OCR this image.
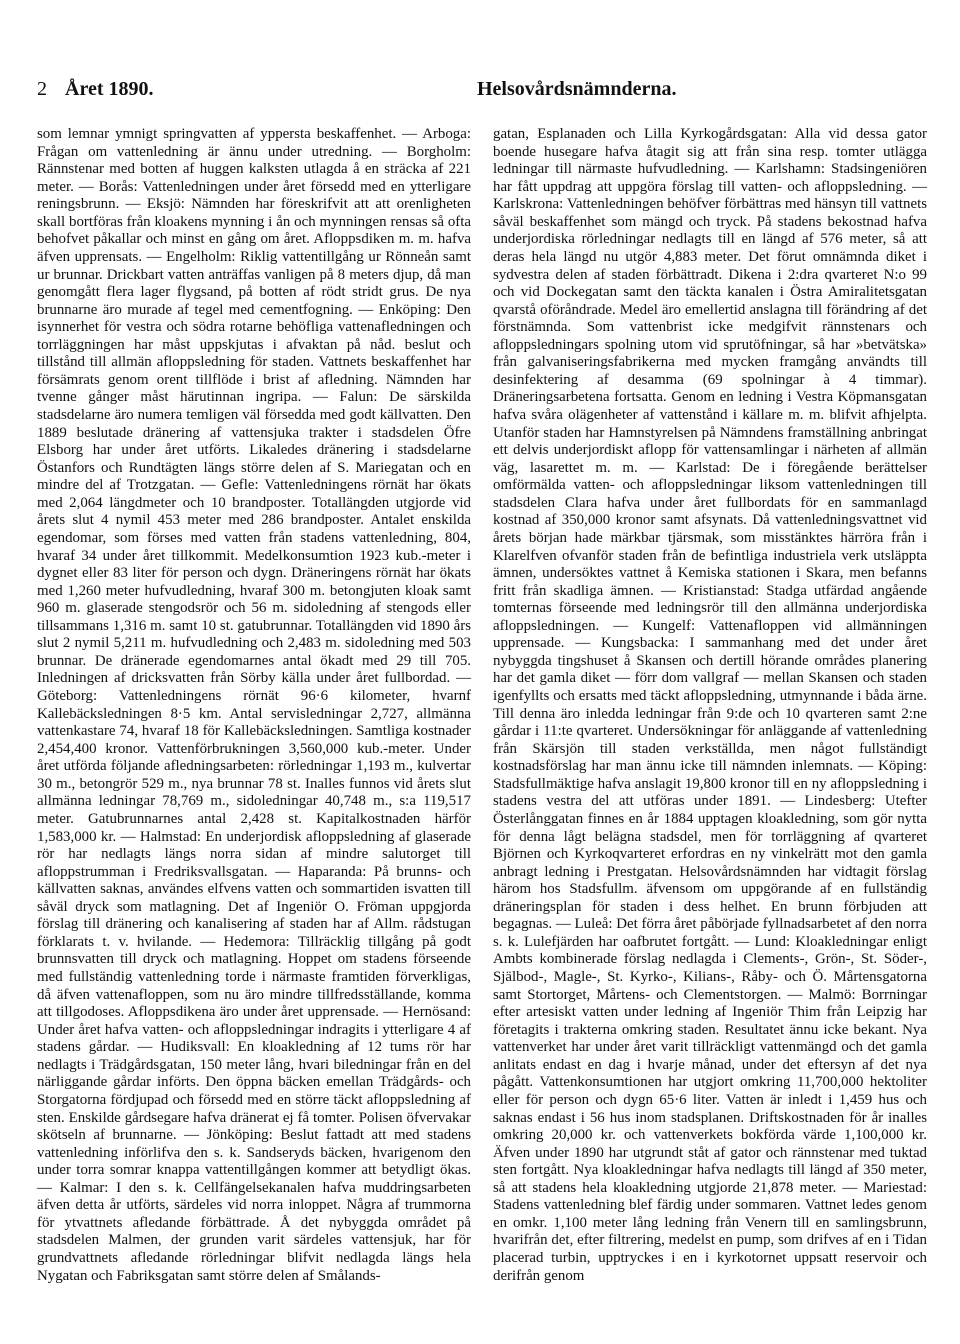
2 Året 1890.	Helsovårdsnämnderna.

som lemnar ymnigt springvatten af yppersta beskaffenhet. — Arboga: Frågan om vattenledning är ännu under utredning. — Borgholm: Rännstenar med botten af huggen kalksten utlagda å en sträcka af 221 meter. — Borås: Vattenledningen under året försedd med en ytterligare reningsbrunn. — Eksjö: Nämnden har föreskrifvit att att orenligheten skall bortföras från kloakens mynning i ån och mynningen rensas så ofta behofvet påkallar och minst en gång om året. Afloppsdiken m. m. hafva äfven upprensats. — Engelholm: Riklig vattentillgång ur Rönneån samt ur brunnar. Drickbart vatten anträffas vanligen på 8 meters djup, då man genomgått flera lager flygsand, på botten af rödt stridt grus. De nya brunnarne äro murade af tegel med cementfogning. — Enköping: Den isynnerhet för vestra och södra rotarne behöfliga vattenafledningen och torrläggningen har måst uppskjutas i afvaktan på nåd. beslut och tillstånd till allmän afloppsledning för staden. Vattnets beskaffenhet har försämrats genom orent tillflöde i brist af afledning. Nämnden har tvenne gånger måst härutinnan ingripa. — Falun: De särskilda stadsdelarne äro numera temligen väl försedda med godt källvatten. Den 1889 beslutade dränering af vattensjuka trakter i stadsdelen Öfre Elsborg har under året utförts. Likaledes dränering i stadsdelarne Östanfors och Rundtägten längs större delen af S. Mariegatan och en mindre del af Trotzgatan. — Gefle: Vattenledningens rörnät har ökats med 2,064 längdmeter och 10 brandposter. Totallängden utgjorde vid årets slut 4 nymil 453 meter med 286 brandposter. Antalet enskilda egendomar, som förses med vatten från stadens vattenledning, 804, hvaraf 34 under året tillkommit. Medelkonsumtion 1923 kub.-meter i dygnet eller 83 liter för person och dygn. Dräneringens rörnät har ökats med 1,260 meter hufvudledning, hvaraf 300 m. betongjuten kloak samt 960 m. glaserade stengodsrör och 56 m. sidoledning af stengods eller tillsammans 1,316 m. samt 10 st. gatubrunnar. Totallängden vid 1890 års slut 2 nymil 5,211 m. hufvudledning och 2,483 m. sidoledning med 503 brunnar. De dränerade egendomarnes antal ökadt med 29 till 705. Inledningen af dricksvatten från Sörby källa under året fullbordad. — Göteborg: Vattenledningens rörnät 96·6 kilometer, hvarnf Kallebäcksledningen 8·5 km. Antal servisledningar 2,727, allmänna vattenkastare 74, hvaraf 18 för Kallebäcksledningen. Samtliga kostnader 2,454,400 kronor. Vattenförbrukningen 3,560,000 kub.-meter. Under året utförda följande afledningsarbeten: rörledningar 1,193 m., kulvertar 30 m., betongrör 529 m., nya brunnar 78 st. Inalles funnos vid årets slut allmänna ledningar 78,769 m., sidoledningar 40,748 m., s:a 119,517 meter. Gatubrunnarnes antal 2,428 st. Kapitalkostnaden härför 1,583,000 kr. — Halmstad: En underjordisk afloppsledning af glaserade rör har nedlagts längs norra sidan af mindre salutorget till afloppstrumman i Fredriksvallsgatan. — Haparanda: På brunns- och källvatten saknas, användes elfvens vatten och sommartiden isvatten till såväl dryck som matlagning. Det af Ingeniör O. Fröman uppgjorda förslag till dränering och kanalisering af staden har af Allm. rådstugan förklarats t. v. hvilande. — Hedemora: Tillräcklig tillgång på godt brunnsvatten till dryck och matlagning. Hoppet om stadens förseende med fullständig vattenledning torde i närmaste framtiden förverkligas, då äfven vattenafloppen, som nu äro mindre tillfredsställande, komma att tillgodoses. Afloppsdikena äro under året upprensade. — Hernösand: Under året hafva vatten- och afloppsledningar indragits i ytterligare 4 af stadens gårdar. — Hudiksvall: En kloakledning af 12 tums rör har nedlagts i Trädgårdsgatan, 150 meter lång, hvari biledningar från en del närliggande gårdar införts. Den öppna bäcken emellan Trädgårds- och Storgatorna fördjupad och försedd med en större täckt afloppsledning af sten. Enskilde gårdsegare hafva dränerat ej få tomter. Polisen öfvervakar skötseln af brunnarne. — Jönköping: Beslut fattadt att med stadens vattenledning införlifva den s. k. Sandseryds bäcken, hvarigenom den under torra somrar knappa vattentillgången kommer att betydligt ökas. — Kalmar: I den s. k. Cellfängelsekanalen hafva muddringsarbeten äfven detta år utförts, särdeles vid norra inloppet. Några af trummorna för ytvattnets afledande förbättrade. Å det nybyggda området på stadsdelen Malmen, der grunden varit särdeles vattensjuk, har för grundvattnets afledande rörledningar blifvit nedlagda längs hela Nygatan och Fabriksgatan samt större delen af Smålands-

gatan, Esplanaden och Lilla Kyrkogårdsgatan: Alla vid dessa gator boende husegare hafva åtagit sig att från sina resp. tomter utlägga ledningar till närmaste hufvudledning. — Karlshamn: Stadsingeniören har fått uppdrag att uppgöra förslag till vatten- och afloppsledning. — Karlskrona: Vattenledningen behöfver förbättras med hänsyn till vattnets såväl beskaffenhet som mängd och tryck. På stadens bekostnad hafva underjordiska rörledningar nedlagts till en längd af 576 meter, så att deras hela längd nu utgör 4,883 meter. Det förut omnämnda diket i sydvestra delen af staden förbättradt. Dikena i 2:dra qvarteret N:o 99 och vid Dockegatan samt den täckta kanalen i Östra Amiralitetsgatan qvarstå oföråndrade. Medel äro emellertid anslagna till förändring af det förstnämnda. Som vattenbrist icke medgifvit rännstenars och afloppsledningars spolning utom vid sprutöfningar, så har »betvätska» från galvaniseringsfabrikerna med mycken framgång användts till desinfektering af desamma (69 spolningar à 4 timmar). Dräneringsarbetena fortsatta. Genom en ledning i Vestra Köpmansgatan hafva svåra olägenheter af vattenstånd i källare m. m. blifvit afhjelpta. Utanför staden har Hamnstyrelsen på Nämndens framställning anbringat ett delvis underjordiskt aflopp för vattensamlingar i närheten af allmän väg, lasarettet m. m. — Karlstad: De i föregående berättelser omförmälda vatten- och afloppsledningar liksom vattenledningen till stadsdelen Clara hafva under året fullbordats för en sammanlagd kostnad af 350,000 kronor samt afsynats. Då vattenledningsvattnet vid årets början hade märkbar tjärsmak, som misstänktes härröra från i Klarelfven ofvanför staden från de befintliga industriela verk utsläppta ämnen, undersöktes vattnet å Kemiska stationen i Skara, men befanns fritt från skadliga ämnen. — Kristianstad: Stadga utfärdad angående tomternas förseende med ledningsrör till den allmänna underjordiska afloppsledningen. — Kungelf: Vattenafloppen vid allmänningen upprensade. — Kungsbacka: I sammanhang med det under året nybyggda tingshuset å Skansen och dertill hörande områdes planering har det gamla diket — förr dom vallgraf — mellan Skansen och staden igenfyllts och ersatts med täckt afloppsledning, utmynnande i båda ärne. Till denna äro inledda ledningar från 9:de och 10 qvarteren samt 2:ne gårdar i 11:te qvarteret. Undersökningar för anläggande af vattenledning från Skärsjön till staden verkställda, men något fullständigt kostnadsförslag har man ännu icke till nämnden inlemnats. — Köping: Stadsfullmäktige hafva anslagit 19,800 kronor till en ny afloppsledning i stadens vestra del att utföras under 1891. — Lindesberg: Utefter Österlånggatan finnes en år 1884 upptagen kloakledning, som gör nytta för denna lågt belägna stadsdel, men för torrläggning af qvarteret Björnen och Kyrkoqvarteret erfordras en ny vinkelrätt mot den gamla anbragt ledning i Prestgatan. Helsovårdsnämnden har vidtagit förslag härom hos Stadsfullm. äfvensom om uppgörande af en fullständig dräneringsplan för staden i dess helhet. En brunn förbjuden att begagnas. — Luleå: Det förra året påbörjade fyllnadsarbetet af den norra s. k. Lulefjärden har oafbrutet fortgått. — Lund: Kloakledningar enligt Ambts kombinerade förslag nedlagda i Clements-, Grön-, St. Söder-, Själbod-, Magle-, St. Kyrko-, Kilians-, Råby- och Ö. Mårtensgatorna samt Stortorget, Mårtens- och Clementstorgen. — Malmö: Borrningar efter artesiskt vatten under ledning af Ingeniör Thim från Leipzig har företagits i trakterna omkring staden. Resultatet ännu icke bekant. Nya vattenverket har under året varit tillräckligt vattenmängd och det gamla anlitats endast en dag i hvarje månad, under det eftersyn af det nya pågått. Vattenkonsumtionen har utgjort omkring 11,700,000 hektoliter eller för person och dygn 65·6 liter. Vatten är inledt i 1,459 hus och saknas endast i 56 hus inom stadsplanen. Driftskostnaden för år inalles omkring 20,000 kr. och vattenverkets bokförda värde 1,100,000 kr. Äfven under 1890 har utgrundt ståt af gator och rännstenar med tuktad sten fortgått. Nya kloakledningar hafva nedlagts till längd af 350 meter, så att stadens hela kloakledning utgjorde 21,878 meter. — Mariestad: Stadens vattenledning blef färdig under sommaren. Vattnet ledes genom en omkr. 1,100 meter lång ledning från Venern till en samlingsbrunn, hvarifrån det, efter filtrering, medelst en pump, som drifves af en i Tidan placerad turbin, upptryckes i en i kyrkotornet uppsatt reservoir och derifrån genom
